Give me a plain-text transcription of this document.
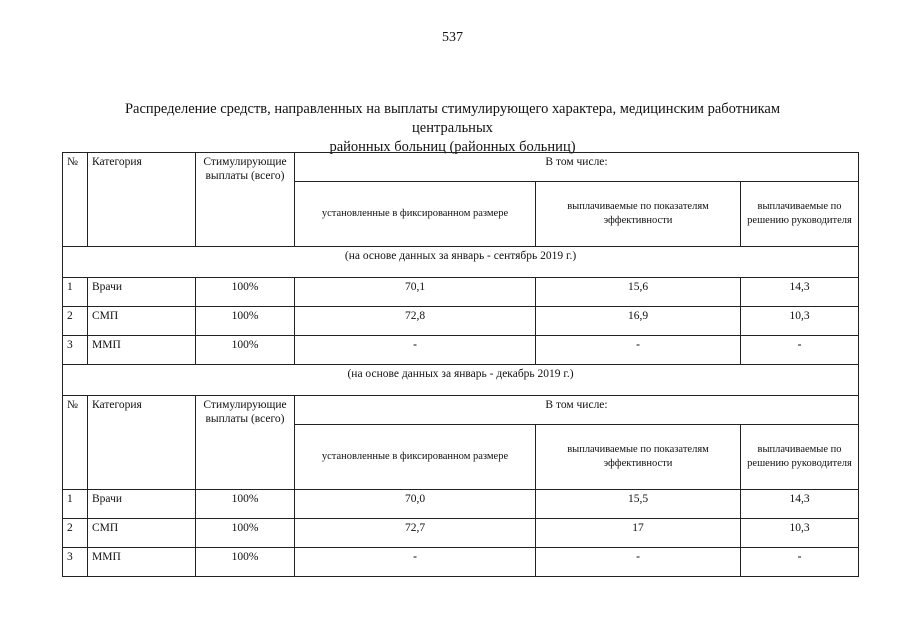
537
Распределение средств, направленных на выплаты стимулирующего характера, медицинским работникам центральных
районных больниц (районных больниц)
№	Категория	Стимулирующие выплаты (всего)	В том числе:		
			установленные в фиксированном размере	выплачиваемые по показателям эффективности	выплачиваемые по решению руководителя
(на основе данных за январь - сентябрь 2019 г.)					
1	Врачи	100%	70,1	15,6	14,3
2	СМП	100%	72,8	16,9	10,3
3	ММП	100%	-	-	-
(на основе данных за январь - декабрь 2019 г.)					
№	Категория	Стимулирующие выплаты (всего)	В том числе:		
			установленные в фиксированном размере	выплачиваемые по показателям эффективности	выплачиваемые по решению руководителя
1	Врачи	100%	70,0	15,5	14,3
2	СМП	100%	72,7	17	10,3
3	ММП	100%	-	-	-
